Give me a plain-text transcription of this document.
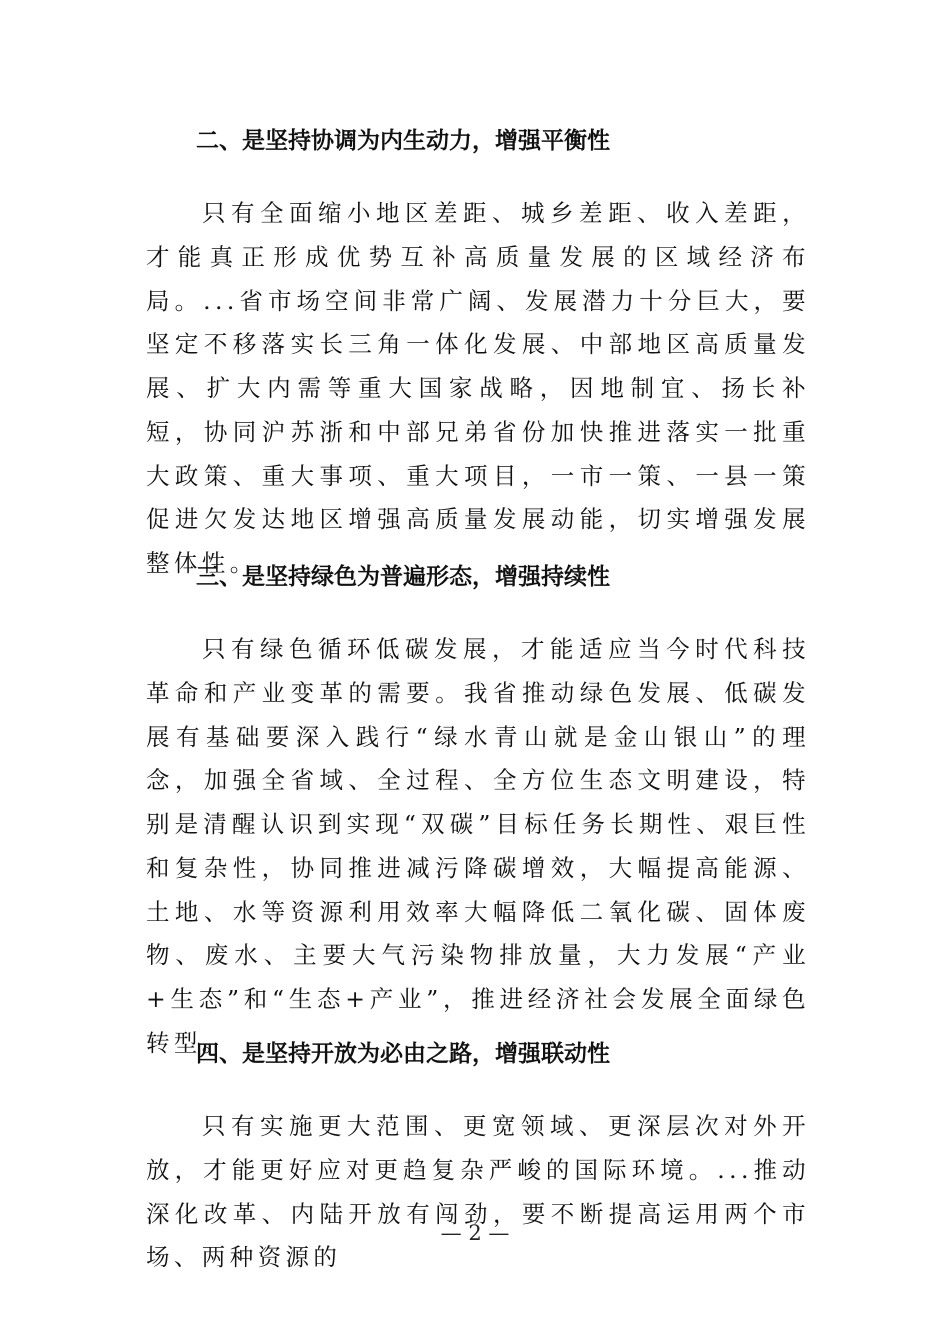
二、是坚持协调为内生动力，增强平衡性

只有全面缩小地区差距、城乡差距、收入差距，才能真正形成优势互补高质量发展的区域经济布局。...省市场空间非常广阔、发展潜力十分巨大，要坚定不移落实长三角一体化发展、中部地区高质量发展、扩大内需等重大国家战略，因地制宜、扬长补短，协同沪苏浙和中部兄弟省份加快推进落实一批重大政策、重大事项、重大项目，一市一策、一县一策促进欠发达地区增强高质量发展动能，切实增强发展整体性。

三、是坚持绿色为普遍形态，增强持续性

只有绿色循环低碳发展，才能适应当今时代科技革命和产业变革的需要。我省推动绿色发展、低碳发展有基础要深入践行“绿水青山就是金山银山”的理念，加强全省域、全过程、全方位生态文明建设，特别是清醒认识到实现“双碳”目标任务长期性、艰巨性和复杂性，协同推进减污降碳增效，大幅提高能源、土地、水等资源利用效率大幅降低二氧化碳、固体废物、废水、主要大气污染物排放量，大力发展“产业+生态”和“生态+产业”，推进经济社会发展全面绿色转型。

四、是坚持开放为必由之路，增强联动性

只有实施更大范围、更宽领域、更深层次对外开放，才能更好应对更趋复杂严峻的国际环境。...推动深化改革、内陆开放有闯劲，要不断提高运用两个市场、两种资源的

— 2 —
